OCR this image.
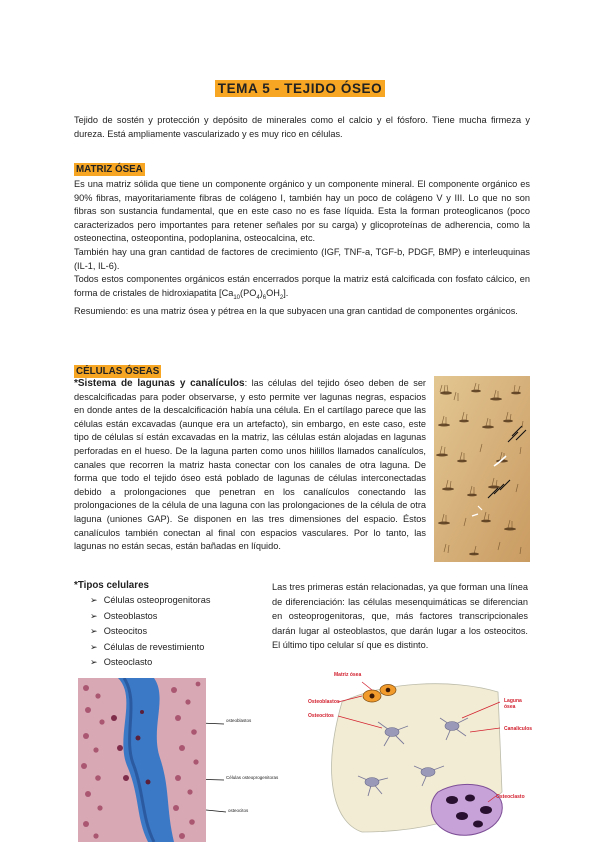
TEMA 5 - TEJIDO ÓSEO

Tejido de sostén y protección y depósito de minerales como el calcio y el fósforo. Tiene mucha firmeza y dureza. Está ampliamente vascularizado y es muy rico en células.

MATRIZ ÓSEA

Es una matriz sólida que tiene un componente orgánico y un componente mineral. El componente orgánico es 90% fibras, mayoritariamente fibras de colágeno I, también hay un poco de colágeno V y III. Lo que no son fibras son sustancia fundamental, que en este caso no es fase líquida. Esta la forman proteoglicanos (poco caracterizados pero importantes para retener señales por su carga) y glicoproteínas de adherencia, como la osteonectina, osteopontina, podoplanina, osteocalcina, etc.

También hay una gran cantidad de factores de crecimiento (IGF, TNF-a, TGF-b, PDGF, BMP) e interleuquinas (IL-1, IL-6).

Todos estos componentes orgánicos están encerrados porque la matriz está calcificada con fosfato cálcico, en forma de cristales de hidroxiapatita $[Ca_{10}(PO_4)_6OH_2]$.

Resumiendo: es una matriz ósea y pétrea en la que subyacen una gran cantidad de componentes orgánicos.

CÉLULAS ÓSEAS

*Sistema de lagunas y canalículos: las células del tejido óseo deben de ser descalcificadas para poder observarse, y esto permite ver lagunas negras, espacios en donde antes de la descalcificación había una célula. En el cartílago parece que las células están excavadas (aunque era un artefacto), sin embargo, en este caso, este tipo de células sí están excavadas en la matriz, las células están alojadas en lagunas perforadas en el hueso. De la laguna parten como unos hilillos llamados canalículos, canales que recorren la matriz hasta conectar con los canales de otra laguna. De forma que todo el tejido óseo está poblado de lagunas de células interconectadas debido a prolongaciones que penetran en los canalículos conectando las prolongaciones de la célula de una laguna con las prolongaciones de la célula de otra laguna (uniones GAP). Se disponen en las tres dimensiones del espacio. Éstos canalículos también conectan al final con espacios vasculares. Por lo tanto, las lagunas no están secas, están bañadas en líquido.

*Tipos celulares
➢ Células osteoprogenitoras
➢ Osteoblastos
➢ Osteocitos
➢ Células de revestimiento
➢ Osteoclasto

Las tres primeras están relacionadas, ya que forman una línea de diferenciación: las células mesenquimáticas se diferencian en osteoprogenitoras, que, más factores transcripcionales darán lugar al osteoblastos, que darán lugar a los osteocitos. El último tipo celular sí que es distinto.

osteoblastos
Células osteoprogenitoras
osteocitos
Matriz ósea
Osteoblastos
Osteocitos
Laguna ósea
Canalículos
Osteoclasto
